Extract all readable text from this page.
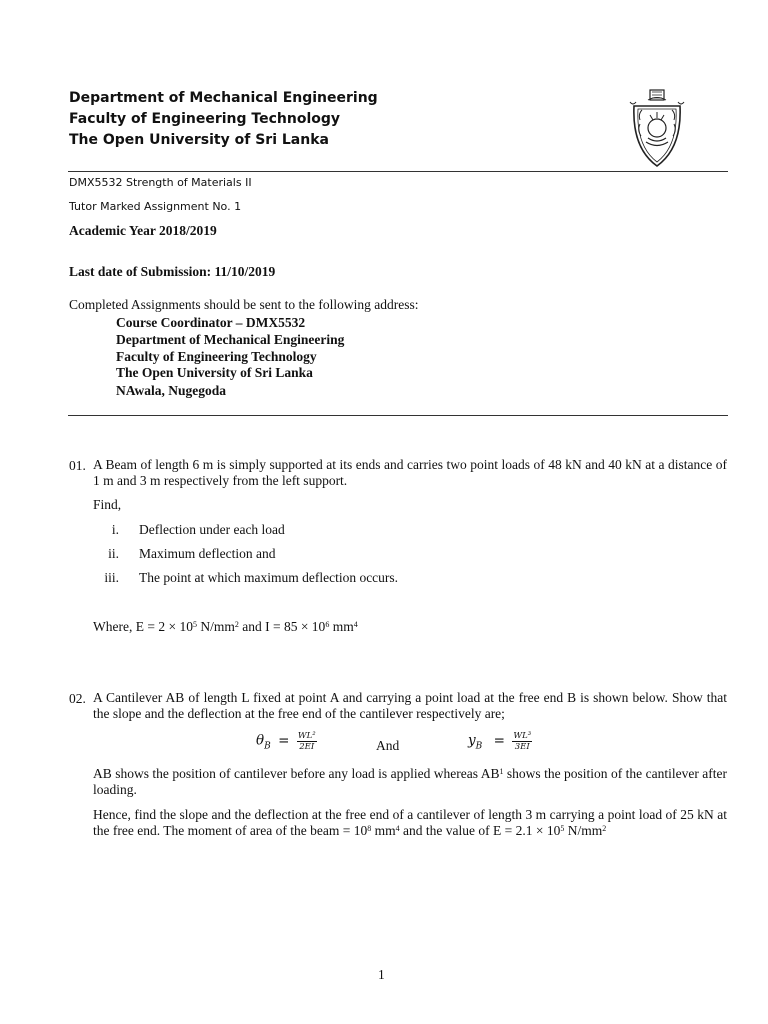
Department of Mechanical Engineering
Faculty of Engineering Technology
The Open University of Sri Lanka
DMX5532 Strength of Materials II
Tutor Marked Assignment No. 1
Academic Year 2018/2019
Last date of Submission: 11/10/2019
Completed Assignments should be sent to the following address:
Course Coordinator – DMX5532
Department of Mechanical Engineering
Faculty of Engineering Technology
The Open University of Sri Lanka
NAwala, Nugegoda
01. A Beam of length 6 m is simply supported at its ends and carries two point loads of 48 kN and 40 kN at a distance of 1 m and 3 m respectively from the left support.
Find,
i. Deflection under each load
ii. Maximum deflection and
iii. The point at which maximum deflection occurs.
Where, $E = 2 \times 10^5$ $N/mm^2$ and $I = 85 \times 10^6$ $mm^4$
02. A Cantilever AB of length L fixed at point A and carrying a point load at the free end B is shown below. Show that the slope and the deflection at the free end of the cantilever respectively are;
$\theta_B = \frac{\text{WL²}}{2EI}$	And	$y_B = \frac{\text{WL³}}{3EI}$
AB shows the position of cantilever before any load is applied whereas $AB^1$ shows the position of the cantilever after loading.
Hence, find the slope and the deflection at the free end of a cantilever of length 3 m carrying a point load of 25 kN at the free end. The moment of area of the beam = $10^8$ $mm^4$ and the value of $E = 2.1 \times 10^5$ $N/mm^2$
1
